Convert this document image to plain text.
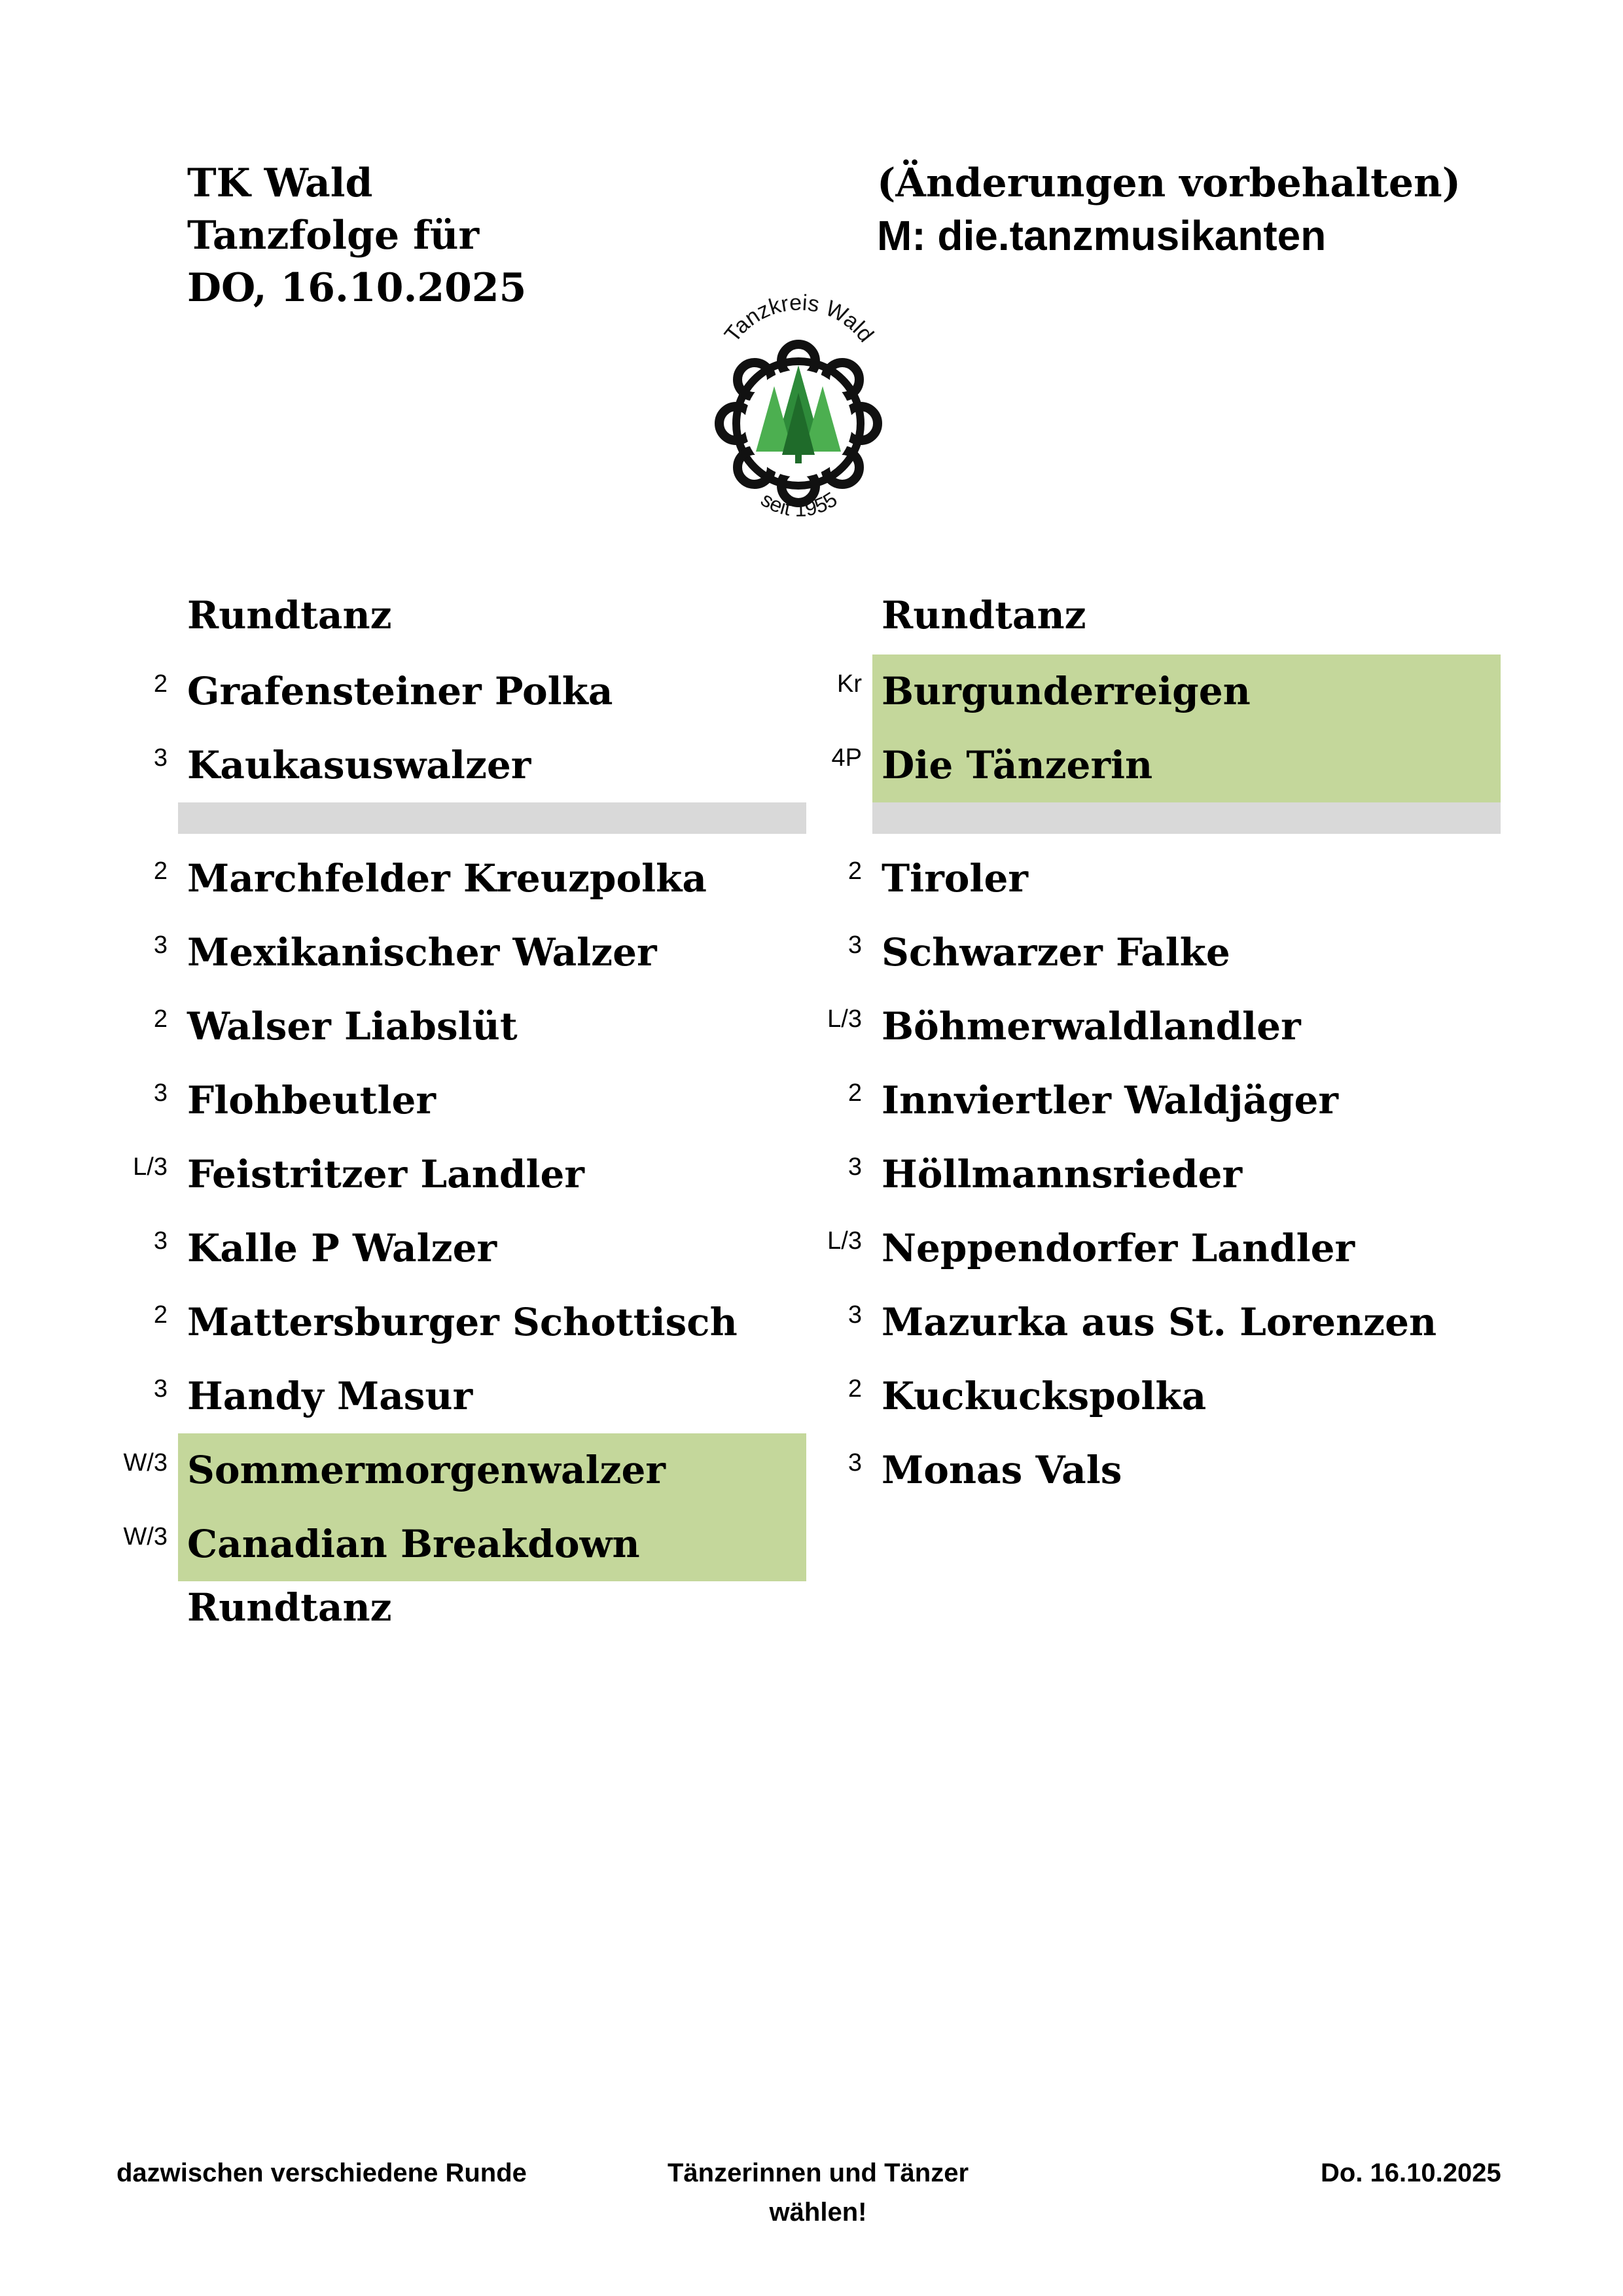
TK Wald
Tanzfolge für
DO, 16.10.2025
(Änderungen vorbehalten)
M: die.tanzmusikanten
Tanzkreis Wald
seit 1955
Rundtanz
2 Grafensteiner Polka
3 Kaukasuswalzer
2 Marchfelder Kreuzpolka
3 Mexikanischer Walzer
2 Walser Liabslüt
3 Flohbeutler
L/3 Feistritzer Landler
3 Kalle P Walzer
2 Mattersburger Schottisch
3 Handy Masur
W/3 Sommermorgenwalzer
W/3 Canadian Breakdown
Rundtanz
Rundtanz
Kr Burgunderreigen
4P Die Tänzerin
2 Tiroler
3 Schwarzer Falke
L/3 Böhmerwaldlandler
2 Innviertler Waldjäger
3 Höllmannsrieder
L/3 Neppendorfer Landler
3 Mazurka aus St. Lorenzen
2 Kuckuckspolka
3 Monas Vals
dazwischen verschiedene Runde	Tänzerinnen und Tänzer
wählen!
Do. 16.10.2025
